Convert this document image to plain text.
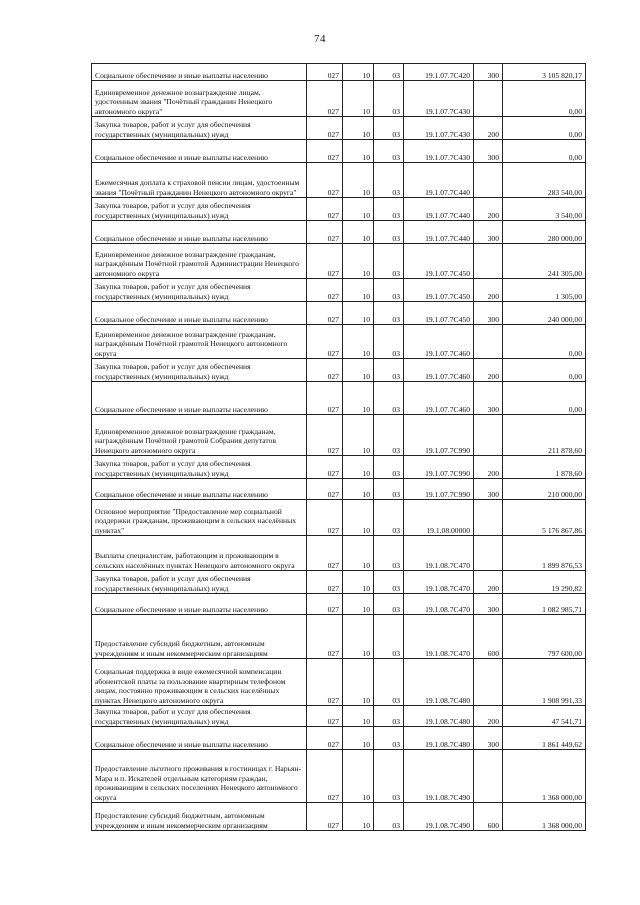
74
Социальное обеспечение и иные выплаты населению	027	10	03	19.1.07.7С420	300	3 105 820,17
Единовременное денежное вознаграждение лицам, удостоенным звания "Почётный гражданин Ненецкого автономного округа"	027	10	03	19.1.07.7С430		0,00
Закупка товаров, работ и услуг для обеспечения государственных (муниципальных) нужд	027	10	03	19.1.07.7С430	200	0,00
Социальное обеспечение и иные выплаты населению	027	10	03	19.1.07.7С430	300	0,00
Ежемесячная доплата к страховой пенсии лицам, удостоенным звания "Почётный гражданин Ненецкого автономного округа"	027	10	03	19.1.07.7С440		283 540,00
Закупка товаров, работ и услуг для обеспечения государственных (муниципальных) нужд	027	10	03	19.1.07.7С440	200	3 540,00
Социальное обеспечение и иные выплаты населению	027	10	03	19.1.07.7С440	300	280 000,00
Единовременное денежное вознаграждение гражданам, награждённым Почётной грамотой Администрации Ненецкого автономного округа	027	10	03	19.1.07.7С450		241 305,00
Закупка товаров, работ и услуг для обеспечения государственных (муниципальных) нужд	027	10	03	19.1.07.7С450	200	1 305,00
Социальное обеспечение и иные выплаты населению	027	10	03	19.1.07.7С450	300	240 000,00
Единовременное денежное вознаграждение гражданам, награждённым Почётной грамотой Ненецкого автономного округа	027	10	03	19.1.07.7С460		0,00
Закупка товаров, работ и услуг для обеспечения государственных (муниципальных) нужд	027	10	03	19.1.07.7С460	200	0,00
Социальное обеспечение и иные выплаты населению	027	10	03	19.1.07.7С460	300	0,00
Единовременное денежное вознаграждение гражданам, награждённым Почётной грамотой Собрания депутатов Ненецкого автономного округа	027	10	03	19.1.07.7С990		211 878,60
Закупка товаров, работ и услуг для обеспечения государственных (муниципальных) нужд	027	10	03	19.1.07.7С990	200	1 878,60
Социальное обеспечение и иные выплаты населению	027	10	03	19.1.07.7С990	300	210 000,00
Основное мероприятие "Предоставление мер социальной поддержки гражданам, проживающим в сельских населённых пунктах"	027	10	03	19.1.08.00000		5 176 867,86
Выплаты специалистам, работающим и проживающим в сельских населённых пунктах Ненецкого автономного округа	027	10	03	19.1.08.7С470		1 899 876,53
Закупка товаров, работ и услуг для обеспечения государственных (муниципальных) нужд	027	10	03	19.1.08.7С470	200	19 290,82
Социальное обеспечение и иные выплаты населению	027	10	03	19.1.08.7С470	300	1 082 985,71
Предоставление субсидий бюджетным, автономным учреждениям и иным некоммерческим организациям	027	10	03	19.1.08.7С470	600	797 600,00
Социальная поддержка в виде ежемесячной компенсации абонентской платы за пользование квартирным телефоном лицам, постоянно проживающим в сельских населённых пунктах Ненецкого автономного округа	027	10	03	19.1.08.7С480		1 908 991,33
Закупка товаров, работ и услуг для обеспечения государственных (муниципальных) нужд	027	10	03	19.1.08.7С480	200	47 541,71
Социальное обеспечение и иные выплаты населению	027	10	03	19.1.08.7С480	300	1 861 449,62
Предоставление льготного проживания в гостиницах г. Нарьян-Мара и п. Искателей отдельным категориям граждан, проживающим в сельских поселениях Ненецкого автономного округа	027	10	03	19.1.08.7С490		1 368 000,00
Предоставление субсидий бюджетным, автономным учреждениям и иным некоммерческим организациям	027	10	03	19.1.08.7С490	600	1 368 000,00
